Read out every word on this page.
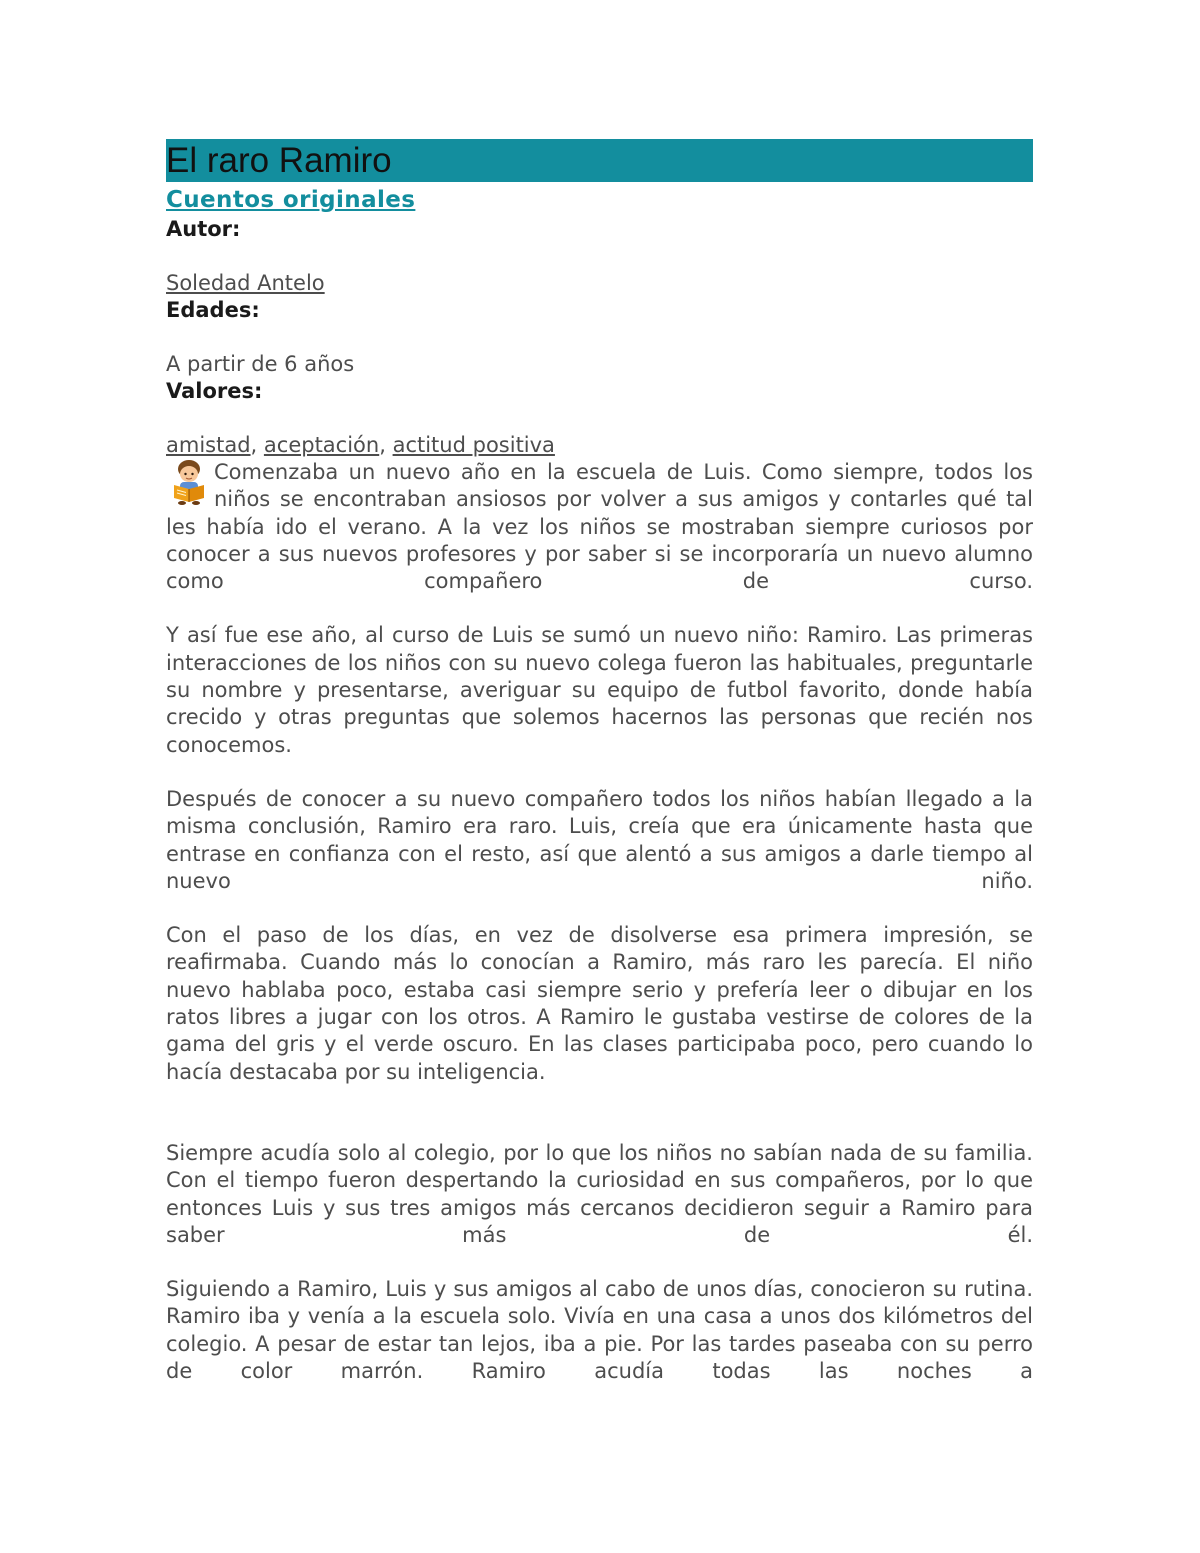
El raro Ramiro
Cuentos originales
Autor:
Soledad Antelo
Edades:
A partir de 6 años
Valores:
amistad, aceptación, actitud positiva

Comenzaba un nuevo año en la escuela de Luis. Como siempre, todos los niños se encontraban ansiosos por volver a sus amigos y contarles qué tal les había ido el verano. A la vez los niños se mostraban siempre curiosos por conocer a sus nuevos profesores y por saber si se incorporaría un nuevo alumno como compañero de curso.

Y así fue ese año, al curso de Luis se sumó un nuevo niño: Ramiro. Las primeras interacciones de los niños con su nuevo colega fueron las habituales, preguntarle su nombre y presentarse, averiguar su equipo de futbol favorito, donde había crecido y otras preguntas que solemos hacernos las personas que recién nos conocemos.

Después de conocer a su nuevo compañero todos los niños habían llegado a la misma conclusión, Ramiro era raro. Luis, creía que era únicamente hasta que entrase en confianza con el resto, así que alentó a sus amigos a darle tiempo al nuevo niño.

Con el paso de los días, en vez de disolverse esa primera impresión, se reafirmaba. Cuando más lo conocían a Ramiro, más raro les parecía. El niño nuevo hablaba poco, estaba casi siempre serio y prefería leer o dibujar en los ratos libres a jugar con los otros. A Ramiro le gustaba vestirse de colores de la gama del gris y el verde oscuro. En las clases participaba poco, pero cuando lo hacía destacaba por su inteligencia.

Siempre acudía solo al colegio, por lo que los niños no sabían nada de su familia. Con el tiempo fueron despertando la curiosidad en sus compañeros, por lo que entonces Luis y sus tres amigos más cercanos decidieron seguir a Ramiro para saber más de él.

Siguiendo a Ramiro, Luis y sus amigos al cabo de unos días, conocieron su rutina. Ramiro iba y venía a la escuela solo. Vivía en una casa a unos dos kilómetros del colegio. A pesar de estar tan lejos, iba a pie. Por las tardes paseaba con su perro de color marrón. Ramiro acudía todas las noches a
